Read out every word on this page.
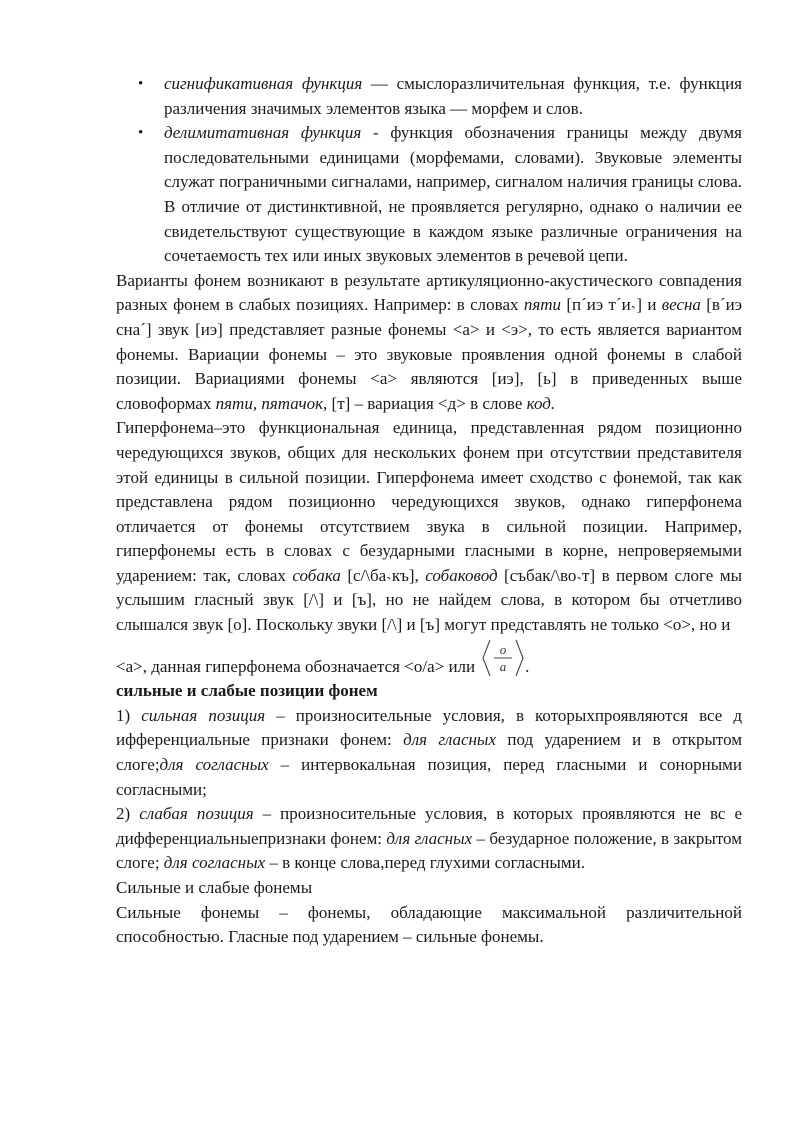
• сигнификативная функция — смыслоразличительная функция, т.е. функция различения значимых элементов языка — морфем и слов.
• делимитативная функция - функция обозначения границы между двумя последовательными единицами (морфемами, словами). Звуковые элементы служат пограничными сигналами, например, сигналом наличия границы слова. В отличие от дистинктивной, не проявляется регулярно, однако о наличии ее свидетельствуют существующие в каждом языке различные ограничения на сочетаемость тех или иных звуковых элементов в речевой цепи.

Варианты фонем возникают в результате артикуляционно-акустического совпадения разных фонем в слабых позициях. Например: в словах пяти [п´иэ т´и˴] и весна [в´иэ сна´] звук [иэ] представляет разные фонемы <а> и <э>, то есть является вариантом фонемы. Вариации фонемы – это звуковые проявления одной фонемы в слабой позиции. Вариациями фонемы <а> являются [иэ], [ь] в приведенных выше словоформах пяти, пятачок, [т] – вариация <д> в слове код.

Гиперфонема–это функциональная единица, представленная рядом позиционно чередующихся звуков, общих для нескольких фонем при отсутствии представителя этой единицы в сильной позиции. Гиперфонема имеет сходство с фонемой, так как представлена рядом позиционно чередующихся звуков, однако гиперфонема отличается от фонемы отсутствием звука в сильной позиции. Например, гиперфонемы есть в словах с безударными гласными в корне, непроверяемыми ударением: так, словах собака [с/\ба˴къ], собаковод [събак/\во˴т] в первом слоге мы услышим гласный звук [/\] и [ъ], но не найдем слова, в котором бы отчетливо слышался звук [о]. Поскольку звуки [/\] и [ъ] могут представлять не только <о>, но и

<а>, данная гиперфонема обозначается <о/а> или
о
а .

сильные и слабые позиции фонем

1) сильная позиция – произносительные условия, в которыхпроявляются все д ифференциальные признаки фонем: для гласных под ударением и в открытом слоге;для согласных – интервокальная позиция, перед гласными и сонорными согласными;

2) слабая позиция – произносительные условия, в которых проявляются не вс е дифференциальныепризнаки фонем: для гласных – безударное положение, в закрытом слоге; для согласных – в конце слова,перед глухими согласными.

Сильные и слабые фонемы

Сильные фонемы – фонемы, обладающие максимальной различительной способностью. Гласные под ударением – сильные фонемы.
